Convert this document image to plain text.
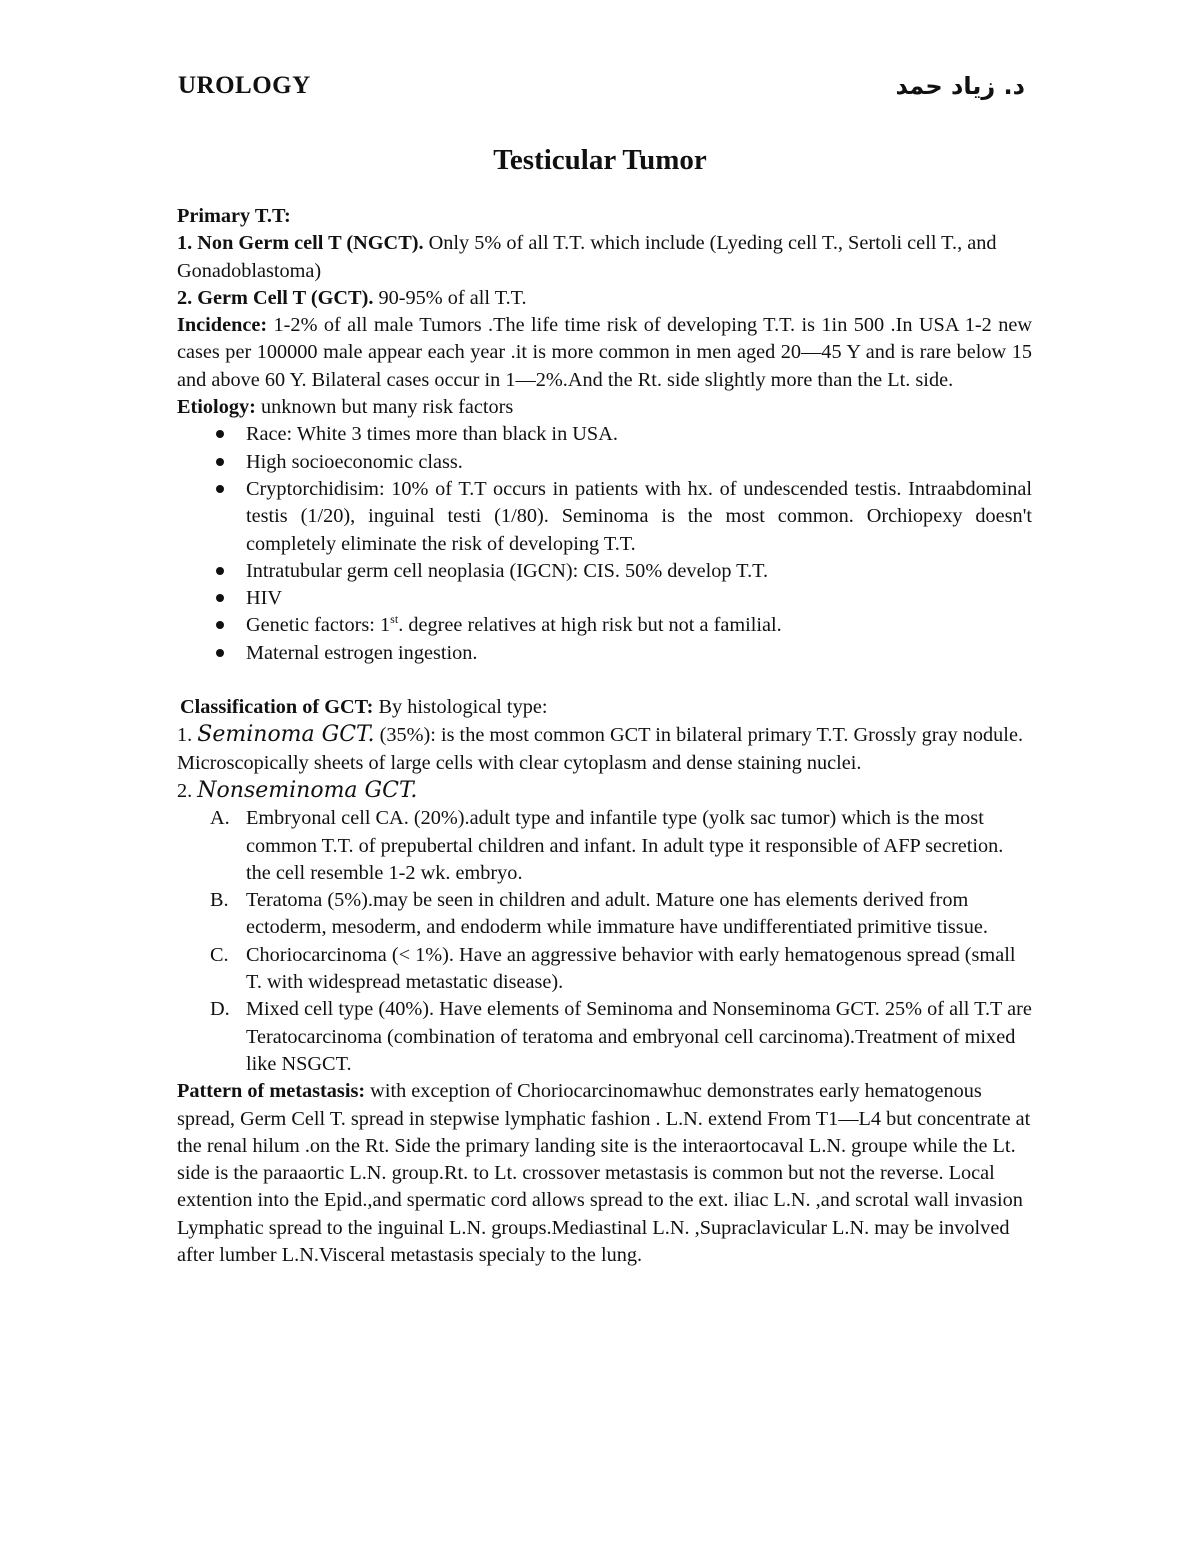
UROLOGY	د. زياد حمد
Testicular Tumor

Primary T.T:

1. Non Germ cell T (NGCT). Only 5% of all T.T. which include (Lyeding cell T., Sertoli cell T., and Gonadoblastoma)

2. Germ Cell T (GCT). 90-95% of all T.T.

Incidence: 1-2% of all male Tumors .The life time risk of developing T.T. is 1in 500 .In USA 1-2 new cases per 100000 male appear each year .it is more common in men aged 20—45 Y and is rare below 15 and above 60 Y. Bilateral cases occur in 1—2%.And the Rt. side slightly more than the Lt. side.

Etiology: unknown but many risk factors

Race: White 3 times more than black in USA.
High socioeconomic class.
Cryptorchidisim: 10% of T.T occurs in patients with hx. of undescended testis. Intraabdominal testis (1/20), inguinal testi (1/80). Seminoma is the most common. Orchiopexy doesn't completely eliminate the risk of developing T.T.
Intratubular germ cell neoplasia (IGCN): CIS. 50% develop T.T.
HIV
Genetic factors: 1st. degree relatives at high risk but not a familial.
Maternal estrogen ingestion.

Classification of GCT: By histological type:

1. Seminoma GCT. (35%): is the most common GCT in bilateral primary T.T. Grossly gray nodule. Microscopically sheets of large cells with clear cytoplasm and dense staining nuclei.

2. Nonseminoma GCT.

A. Embryonal cell CA. (20%).adult type and infantile type (yolk sac tumor) which is the most common T.T. of prepubertal children and infant. In adult type it responsible of AFP secretion. the cell resemble 1-2 wk. embryo.
B. Teratoma (5%).may be seen in children and adult. Mature one has elements derived from ectoderm, mesoderm, and endoderm while immature have undifferentiated primitive tissue.
C. Choriocarcinoma (< 1%). Have an aggressive behavior with early hematogenous spread (small T. with widespread metastatic disease).
D. Mixed cell type (40%). Have elements of Seminoma and Nonseminoma GCT. 25% of all T.T are Teratocarcinoma (combination of teratoma and embryonal cell carcinoma).Treatment of mixed like NSGCT.

Pattern of metastasis: with exception of Choriocarcinomawhuc demonstrates early hematogenous spread, Germ Cell T. spread in stepwise lymphatic fashion . L.N. extend From T1—L4 but concentrate at the renal hilum .on the Rt. Side the primary landing site is the interaortocaval L.N. groupe while the Lt. side is the paraaortic L.N. group.Rt. to Lt. crossover metastasis is common but not the reverse. Local extention into the Epid.,and spermatic cord allows spread to the ext. iliac L.N. ,and scrotal wall invasion Lymphatic spread to the inguinal L.N. groups.Mediastinal L.N. ,Supraclavicular L.N. may be involved after lumber L.N.Visceral metastasis specialy to the lung.
